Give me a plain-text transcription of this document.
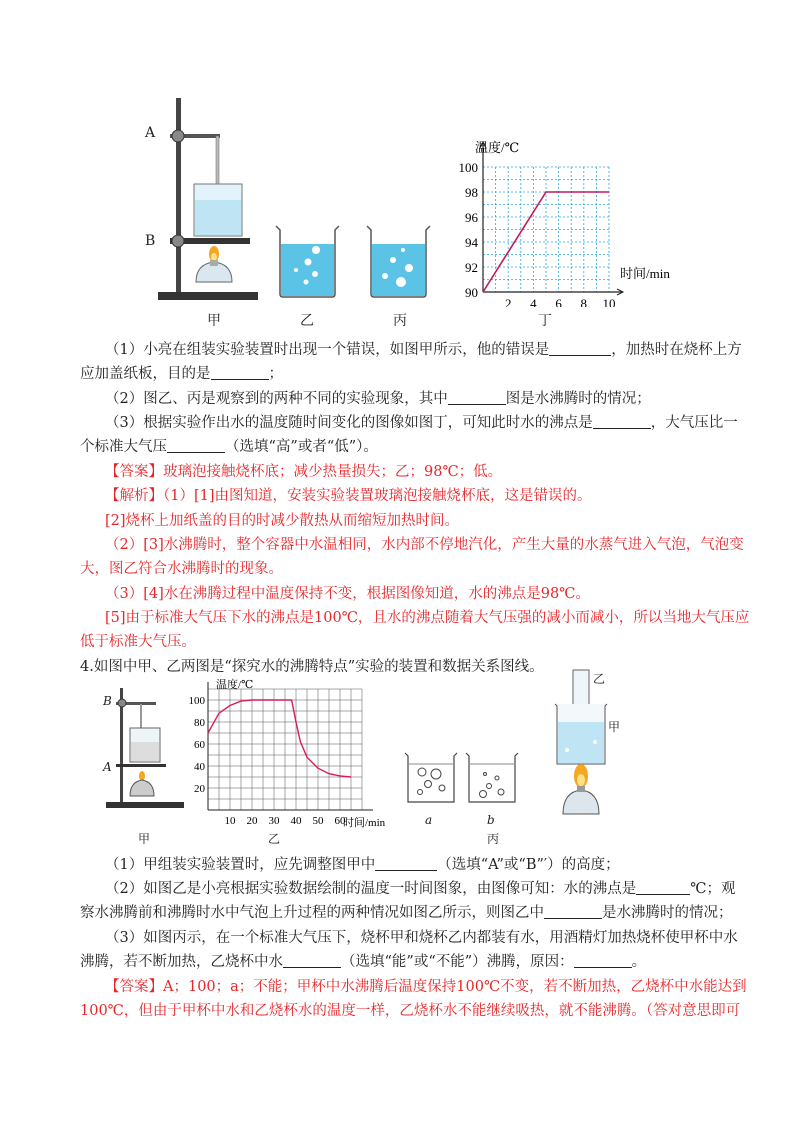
A
B
90
92
94
96
98
100
2 4 6 8 10
温度/℃
时间/min
甲	乙	丙	丁
（1）小亮在组装实验装置时出现一个错误，如图甲所示，他的错误是	，加热时在烧杯上方
应加盖纸板，目的是	；
（2）图乙、丙是观察到的两种不同的实验现象，其中	图是水沸腾时的情况；
（3）根据实验作出水的温度随时间变化的图像如图丁，可知此时水的沸点是	，大气压比一
个标准大气压	（选填“高”或者“低”）。
【答案】玻璃泡接触烧杯底；减少热量损失；乙；98℃；低。
【解析】（1）[1]由图知道，安装实验装置玻璃泡接触烧杯底，这是错误的。
[2]烧杯上加纸盖的目的时减少散热从而缩短加热时间。
（2）[3]水沸腾时，整个容器中水温相同，水内部不停地汽化，产生大量的水蒸气进入气泡，气泡变
大，图乙符合水沸腾时的现象。
（3）[4]水在沸腾过程中温度保持不变，根据图像知道，水的沸点是98℃。
[5]由于标准大气压下水的沸点是100℃，且水的沸点随着大气压强的减小而减小，所以当地大气压应
低于标准大气压。
4.如图中甲、乙两图是“探究水的沸腾特点”实验的装置和数据关系图线。
B
A
20
40
60
80
100
10 20 30 40 50 60
温度/℃
时间/min	a	b
乙
甲
甲	乙	丙
（1）甲组装实验装置时，应先调整图甲中	（选填“A”或“B”′）的高度；
（2）如图乙是小亮根据实验数据绘制的温度一时间图象，由图像可知：水的沸点是	℃；观
察水沸腾前和沸腾时水中气泡上升过程的两种情况如图乙所示，则图乙中	是水沸腾时的情况；
（3）如图丙示，在一个标准大气压下，烧杯甲和烧杯乙内都装有水，用酒精灯加热烧杯使甲杯中水
沸腾，若不断加热，乙烧杯中水	（选填“能”或“不能”）沸腾，原因：	。
【答案】A；100；a；不能；甲杯中水沸腾后温度保持100℃不变，若不断加热，乙烧杯中水能达到
100℃，但由于甲杯中水和乙烧杯水的温度一样，乙烧杯水不能继续吸热，就不能沸腾。（答对意思即可
